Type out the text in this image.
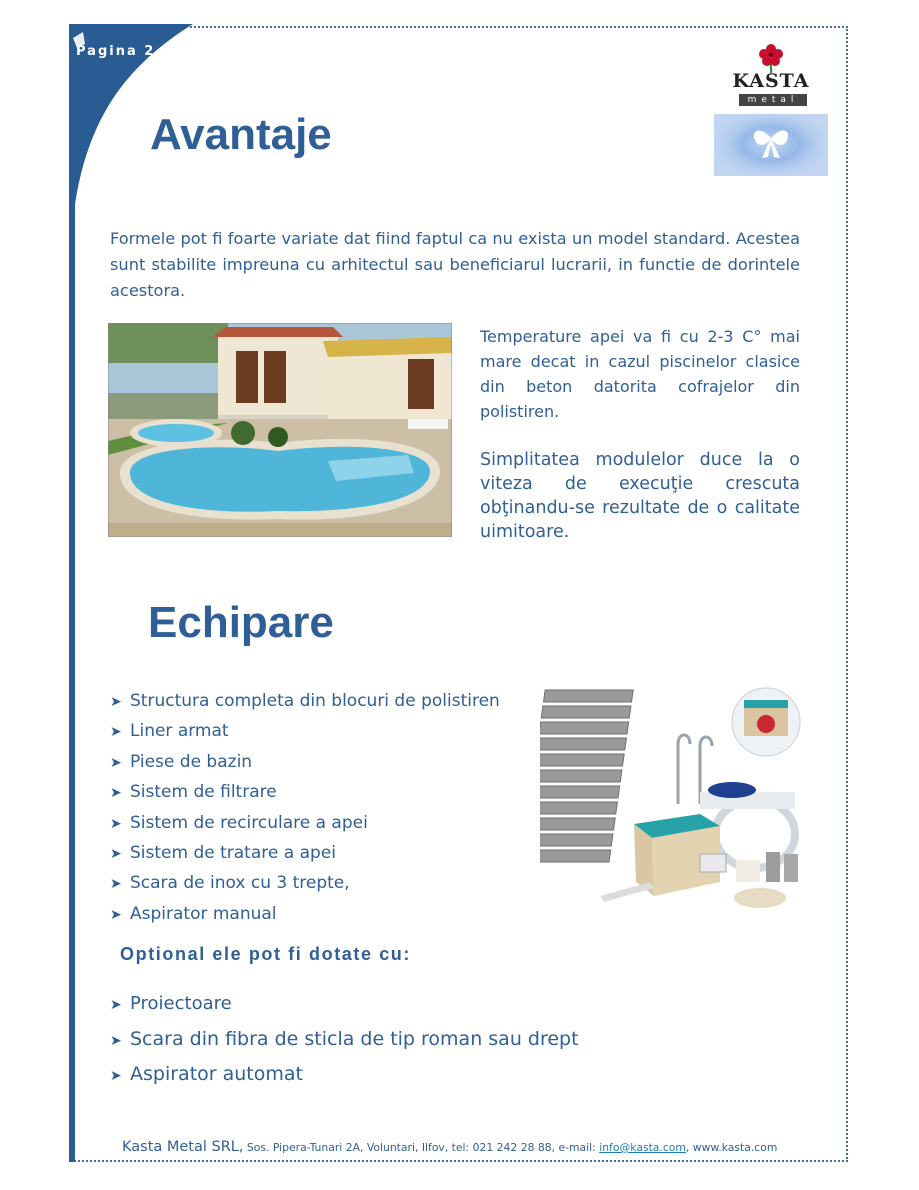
Pagina 2
KASTA
metal
Avantaje

Formele pot fi foarte variate dat fiind faptul ca nu exista un model standard. Acestea sunt stabilite impreuna cu arhitectul sau beneficiarul lucrarii, in functie de dorintele acestora.

Temperature apei va fi cu 2-3 C° mai mare decat in cazul piscinelor clasice din beton datorita cofrajelor din polistiren.

Simplitatea modulelor duce la o viteza de execuţie crescuta obţinandu-se rezultate de o calitate uimitoare.

Echipare
➤ Structura completa din blocuri de polistiren
➤ Liner armat
➤ Piese de bazin
➤ Sistem de filtrare
➤ Sistem de recirculare a apei
➤ Sistem de tratare a apei
➤ Scara de inox cu 3 trepte,
➤ Aspirator manual

Optional ele pot fi dotate cu:

➤ Proiectoare
➤ Scara din fibra de sticla de tip roman sau drept
➤ Aspirator automat
Kasta Metal SRL, Sos. Pipera-Tunari 2A, Voluntari, Ilfov, tel: 021 242 28 88, e-mail: info@kasta.com, www.kasta.com
